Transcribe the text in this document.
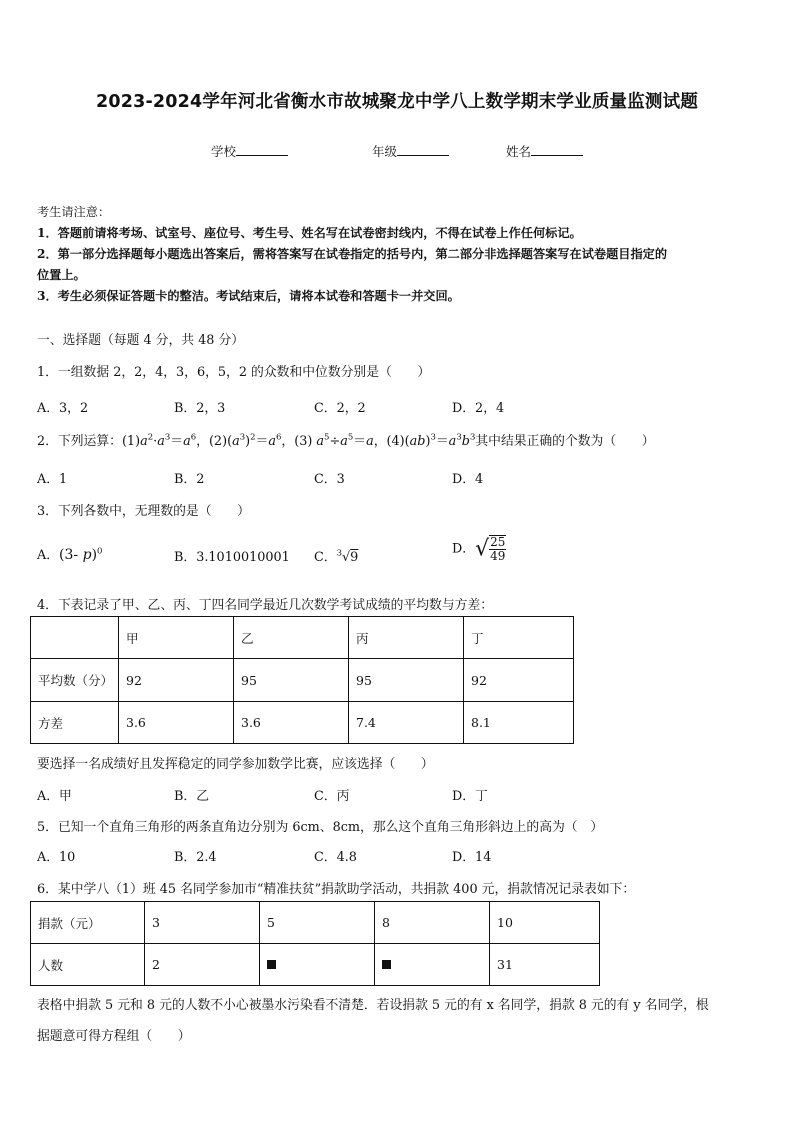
2023-2024学年河北省衡水市故城聚龙中学八上数学期末学业质量监测试题
学校	年级	姓名
考生请注意：
1．答题前请将考场、试室号、座位号、考生号、姓名写在试卷密封线内，不得在试卷上作任何标记。
2．第一部分选择题每小题选出答案后，需将答案写在试卷指定的括号内，第二部分非选择题答案写在试卷题目指定的
位置上。
3．考生必须保证答题卡的整洁。考试结束后，请将本试卷和答题卡一并交回。
一、选择题（每题 4 分，共 48 分）
1．一组数据 2，2，4，3，6，5，2 的众数和中位数分别是（　　）
A．3，2	B．2，3	C．2，2	D．2，4
2．下列运算：$(1)a^2\cdot a^3=a^6$，$(2)(a^3)^2=a^6$，(3) $a^5\div a^5=a$，$(4)(ab)^3=a^3b^3$其中结果正确的个数为（　　）
A．1	B．2	C．3	D．4
3．下列各数中，无理数的是（　　）
A．(3- p)$^0$	B．3.1010010001 C．$^3$√9
D．√ $\frac{25}{49}$
4．下表记录了甲、乙、丙、丁四名同学最近几次数学考试成绩的平均数与方差：
	甲	乙	丙	丁
平均数（分）	92	95	95	92
方差	3.6	3.6	7.4	8.1
要选择一名成绩好且发挥稳定的同学参加数学比赛，应该选择（　　）
A．甲	B．乙	C．丙	D．丁
5．已知一个直角三角形的两条直角边分别为 6cm、8cm，那么这个直角三角形斜边上的高为（　）
A．10	B．2.4	C．4.8	D．14
6．某中学八（1）班 45 名同学参加市“精准扶贫”捐款助学活动，共捐款 400 元，捐款情况记录表如下：
捐款（元）	3	5	8	10
人数	2			31
表格中捐款 5 元和 8 元的人数不小心被墨水污染看不清楚．若设捐款 5 元的有 x 名同学，捐款 8 元的有 y 名同学，根
据题意可得方程组（　　）
